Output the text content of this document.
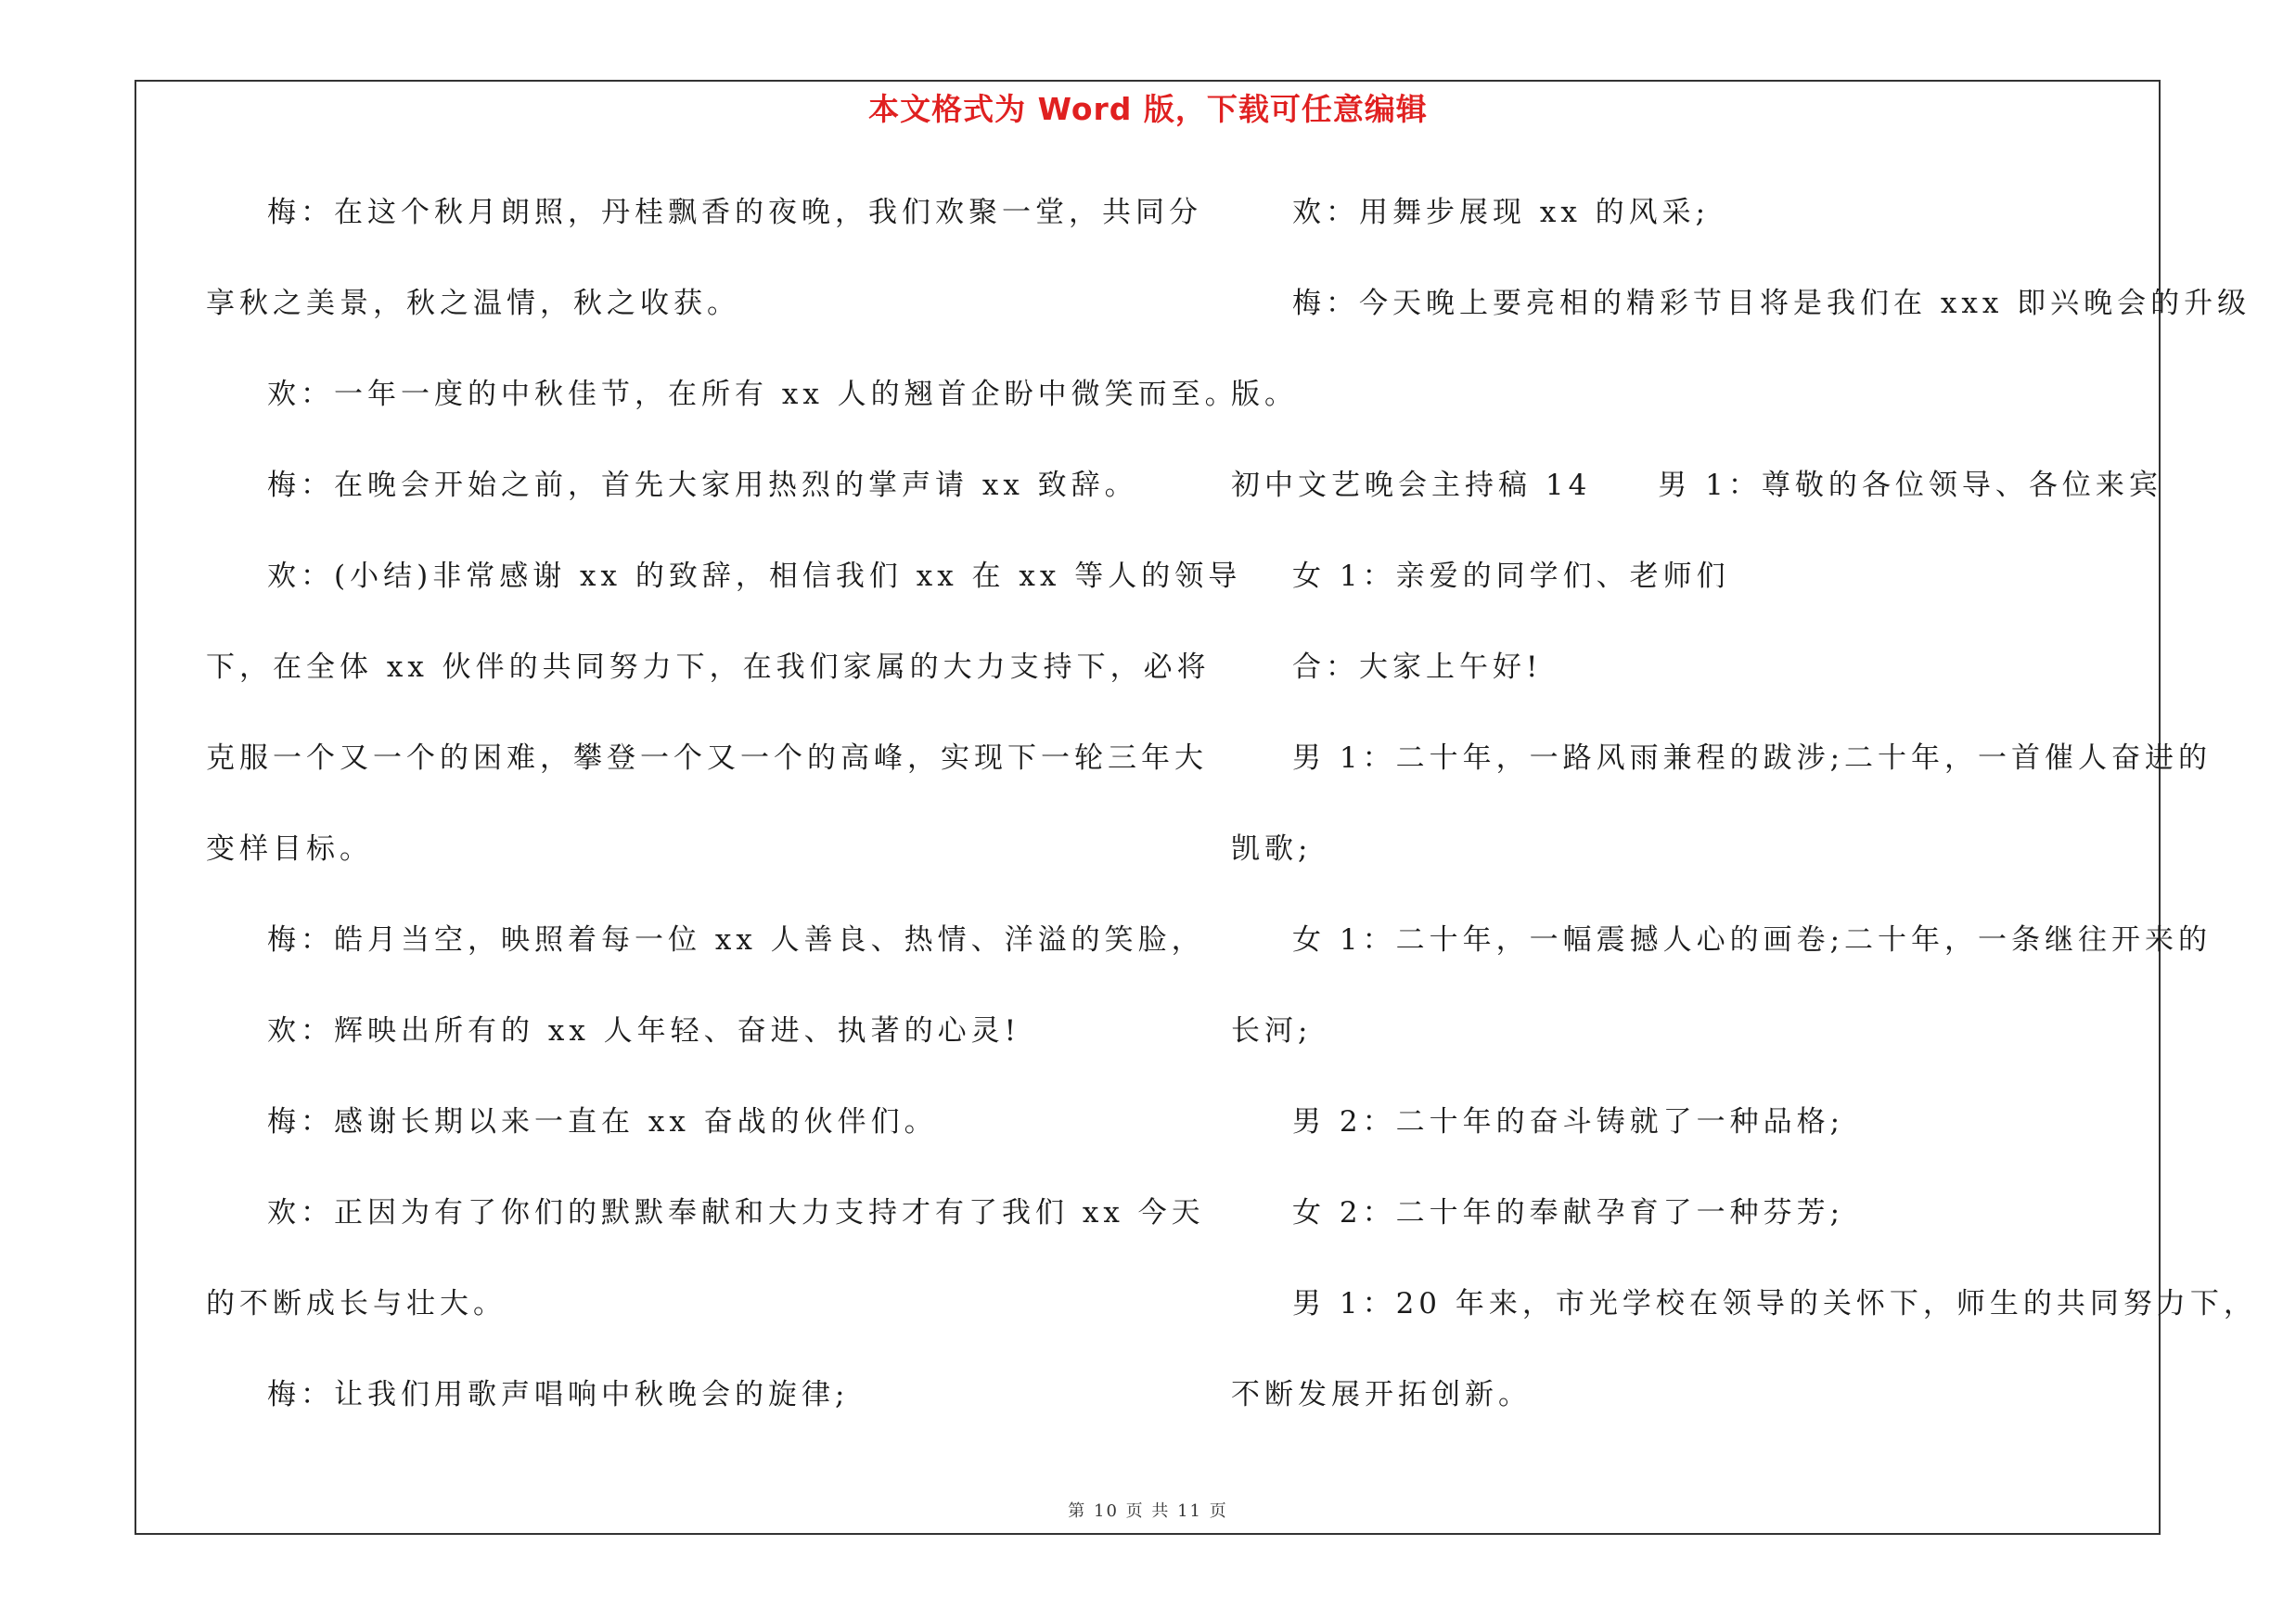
本文格式为 Word 版，下载可任意编辑
梅：在这个秋月朗照，丹桂飘香的夜晚，我们欢聚一堂，共同分
享秋之美景，秋之温情，秋之收获。
欢：一年一度的中秋佳节，在所有 xx 人的翘首企盼中微笑而至。
梅：在晚会开始之前，首先大家用热烈的掌声请 xx 致辞。
欢：(小结)非常感谢 xx 的致辞，相信我们 xx 在 xx 等人的领导
下，在全体 xx 伙伴的共同努力下，在我们家属的大力支持下，必将
克服一个又一个的困难，攀登一个又一个的高峰，实现下一轮三年大
变样目标。
梅：皓月当空，映照着每一位 xx 人善良、热情、洋溢的笑脸，
欢：辉映出所有的 xx 人年轻、奋进、执著的心灵!
梅：感谢长期以来一直在 xx 奋战的伙伴们。
欢：正因为有了你们的默默奉献和大力支持才有了我们 xx 今天
的不断成长与壮大。
梅：让我们用歌声唱响中秋晚会的旋律;
欢：用舞步展现 xx 的风采;
梅：今天晚上要亮相的精彩节目将是我们在 xxx 即兴晚会的升级
版。
初中文艺晚会主持稿 14　　男 1：尊敬的各位领导、各位来宾
女 1：亲爱的同学们、老师们
合：大家上午好!
男 1：二十年，一路风雨兼程的跋涉;二十年，一首催人奋进的
凯歌;
女 1：二十年，一幅震撼人心的画卷;二十年，一条继往开来的
长河;
男 2：二十年的奋斗铸就了一种品格;
女 2：二十年的奉献孕育了一种芬芳;
男 1：20 年来，市光学校在领导的关怀下，师生的共同努力下，
不断发展开拓创新。
第 10 页 共 11 页
